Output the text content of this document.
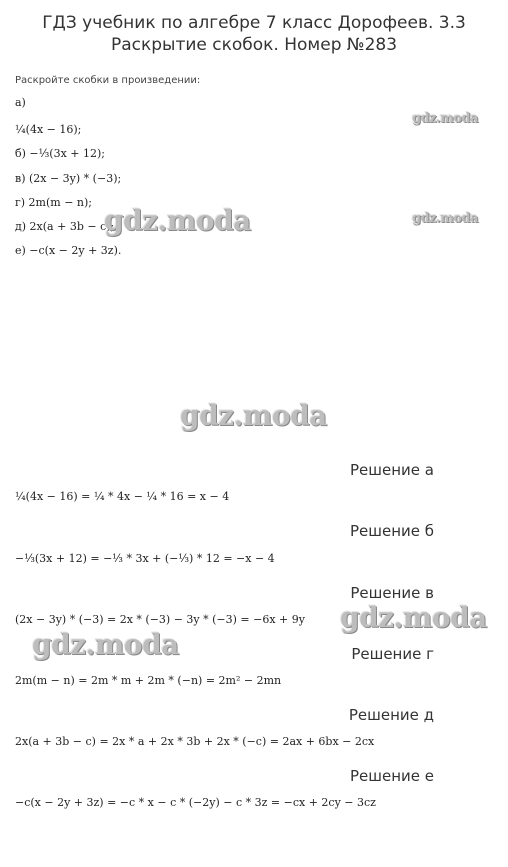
ГДЗ учебник по алгебре 7 класс Дорофеев. 3.3 Раскрытие скобок. Номер №283
Раскройте скобки в произведении:
а)
¼(4x − 16);
б) −⅓(3x + 12);
в) (2x − 3y) * (−3);
г) 2m(m − n);
д) 2x(a + 3b − c);
е) −c(x − 2y + 3z).
gdz.moda
gdz.moda	gdz.moda
gdz.moda
gdz.moda
gdz.moda
Решение а
¼(4x − 16) = ¼ * 4x − ¼ * 16 = x − 4
Решение б
−⅓(3x + 12) = −⅓ * 3x + (−⅓) * 12 = −x − 4
Решение в
(2x − 3y) * (−3) = 2x * (−3) − 3y * (−3) = −6x + 9y
Решение г
2m(m − n) = 2m * m + 2m * (−n) = 2m² − 2mn
Решение д
2x(a + 3b − c) = 2x * a + 2x * 3b + 2x * (−c) = 2ax + 6bx − 2cx
Решение е
−c(x − 2y + 3z) = −c * x − c * (−2y) − c * 3z = −cx + 2cy − 3cz
